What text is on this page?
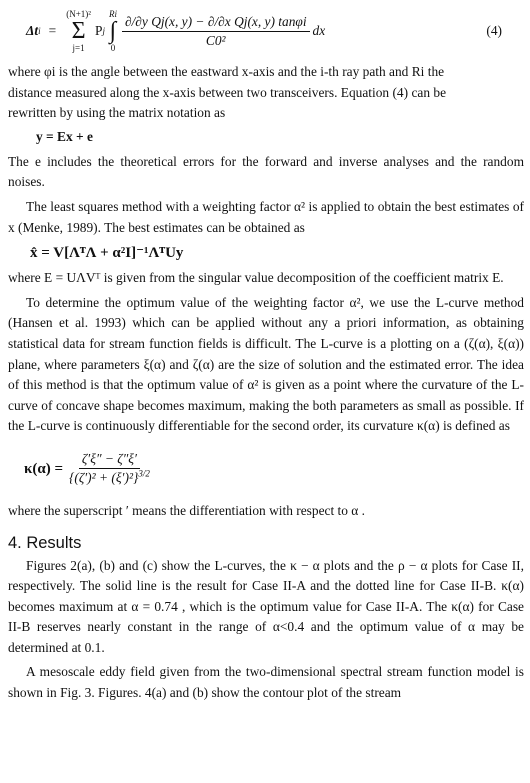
Δt i =
(N+1)²
Σ
j=1
P j
Ri
∫
$0 \frac{\text{∂/∂y Qj(x, y) − ∂/∂x Qj(x, y) tanφi}}{\text{C0²}}$ dx	(4)

where φi is the angle between the eastward x-axis and the i-th ray path and Ri the

distance measured along the x-axis between two transceivers. Equation (4) can be

rewritten by using the matrix notation as

y = Ex + e

The e includes the theoretical errors for the forward and inverse analyses and the random noises.

The least squares method with a weighting factor α² is applied to obtain the best estimates of x (Menke, 1989). The best estimates can be obtained as

x̂ = V[ΛᵀΛ + α²I]⁻¹ΛᵀUy

where E = UΛVᵀ is given from the singular value decomposition of the coefficient matrix E.

To determine the optimum value of the weighting factor α², we use the L-curve method (Hansen et al. 1993) which can be applied without any a priori information, as obtaining statistical data for stream function fields is difficult. The L-curve is a plotting on a (ζ(α), ξ(α)) plane, where parameters ξ(α) and ζ(α) are the size of solution and the estimated error. The idea of this method is that the optimum value of α² is given as a point where the curvature of the L-curve of concave shape becomes maximum, making the both parameters as small as possible. If the L-curve is continuously differentiable for the second order, its curvature κ(α) is defined as

$\kappa(\alpha) = \frac{\zeta'\xi'' - \zeta''\xi'}{\{(\zeta')^2 + (\xi')^2\}^{3/2}}$

where the superscript ′ means the differentiation with respect to α .

4. Results

Figures 2(a), (b) and (c) show the L-curves, the κ − α plots and the ρ − α plots for Case II, respectively. The solid line is the result for Case II-A and the dotted line for Case II-B. κ(α) becomes maximum at α = 0.74 , which is the optimum value for Case II-A. The κ(α) for Case II-B reserves nearly constant in the range of α<0.4 and the optimum value of α may be determined at 0.1.

A mesoscale eddy field given from the two-dimensional spectral stream function model is shown in Fig. 3. Figures. 4(a) and (b) show the contour plot of the stream
